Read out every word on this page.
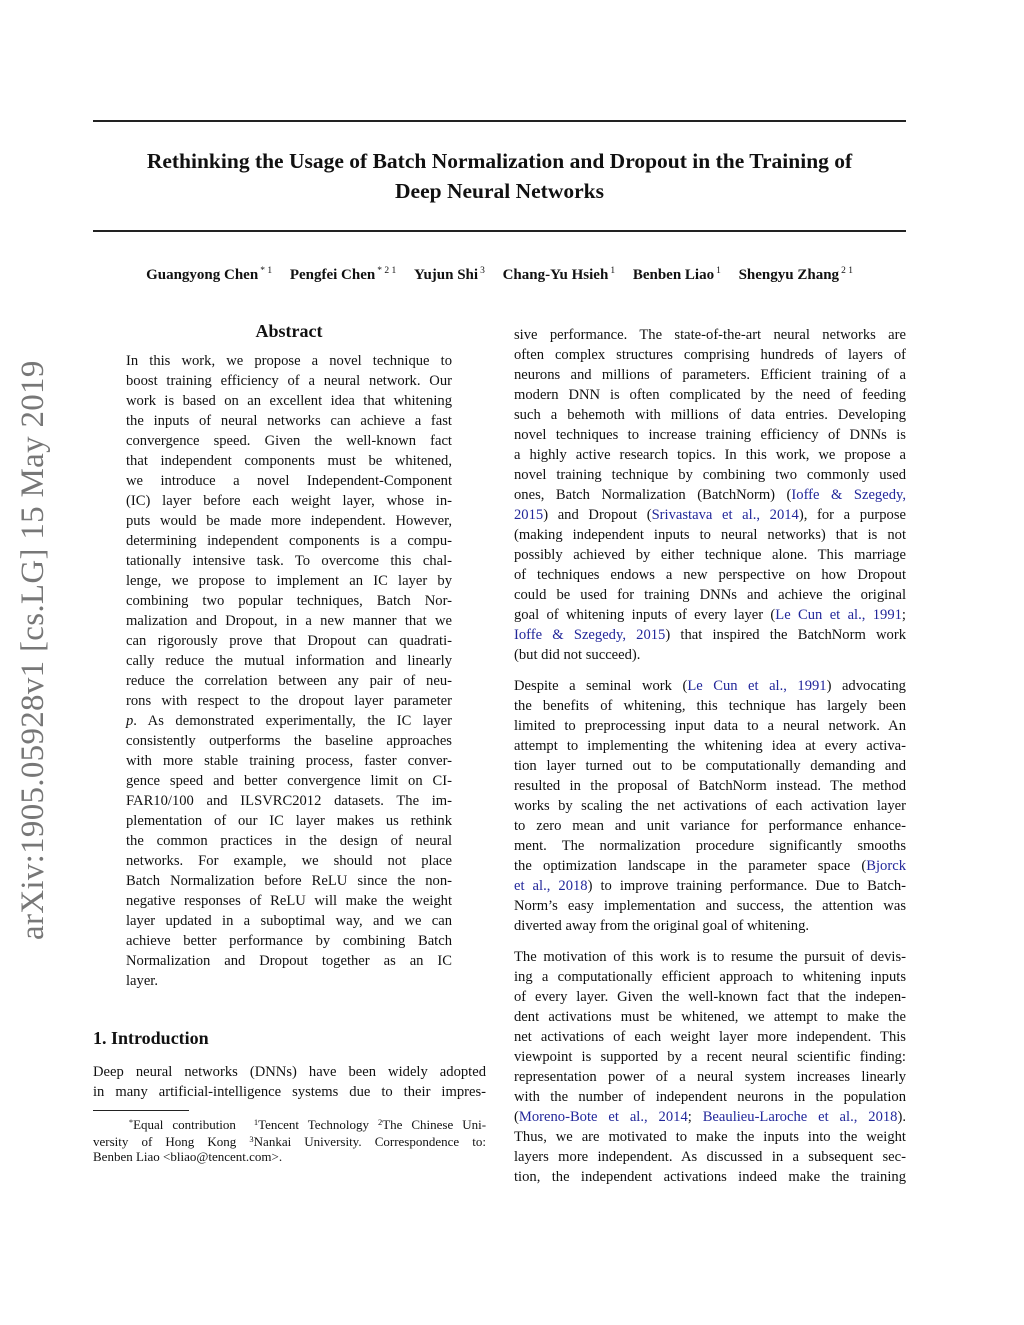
arXiv:1905.05928v1 [cs.LG] 15 May 2019
Rethinking the Usage of Batch Normalization and Dropout in the Training of
Deep Neural Networks
Guangyong Chen $^{* 1}$ Pengfei Chen $^{* 2 1}$ Yujun Shi $^3$ Chang-Yu Hsieh $^1$ Benben Liao $^1$ Shengyu Zhang $^{2 1}$
Abstract
In this work, we propose a novel technique to
boost training efficiency of a neural network. Our
work is based on an excellent idea that whitening
the inputs of neural networks can achieve a fast
convergence speed. Given the well-known fact
that independent components must be whitened,
we introduce a novel Independent-Component
(IC) layer before each weight layer, whose in-
puts would be made more independent. However,
determining independent components is a compu-
tationally intensive task. To overcome this chal-
lenge, we propose to implement an IC layer by
combining two popular techniques, Batch Nor-
malization and Dropout, in a new manner that we
can rigorously prove that Dropout can quadrati-
cally reduce the mutual information and linearly
reduce the correlation between any pair of neu-
rons with respect to the dropout layer parameter
p. As demonstrated experimentally, the IC layer
consistently outperforms the baseline approaches
with more stable training process, faster conver-
gence speed and better convergence limit on CI-
FAR10/100 and ILSVRC2012 datasets. The im-
plementation of our IC layer makes us rethink
the common practices in the design of neural
networks. For example, we should not place
Batch Normalization before ReLU since the non-
negative responses of ReLU will make the weight
layer updated in a suboptimal way, and we can
achieve better performance by combining Batch
Normalization and Dropout together as an IC
layer.
1. Introduction
Deep neural networks (DNNs) have been widely adopted
in many artificial-intelligence systems due to their impres-
*Equal contribution $^1$Tencent Technology $^2$The Chinese Uni-
versity of Hong Kong $^3$Nankai University. Correspondence to:
Benben Liao <bliao@tencent.com>.
sive performance. The state-of-the-art neural networks are
often complex structures comprising hundreds of layers of
neurons and millions of parameters. Efficient training of a
modern DNN is often complicated by the need of feeding
such a behemoth with millions of data entries. Developing
novel techniques to increase training efficiency of DNNs is
a highly active research topics. In this work, we propose a
novel training technique by combining two commonly used
ones, Batch Normalization (BatchNorm) (Ioffe & Szegedy,
2015) and Dropout (Srivastava et al., 2014), for a purpose
(making independent inputs to neural networks) that is not
possibly achieved by either technique alone. This marriage
of techniques endows a new perspective on how Dropout
could be used for training DNNs and achieve the original
goal of whitening inputs of every layer (Le Cun et al., 1991;
Ioffe & Szegedy, 2015) that inspired the BatchNorm work
(but did not succeed).
Despite a seminal work (Le Cun et al., 1991) advocating
the benefits of whitening, this technique has largely been
limited to preprocessing input data to a neural network. An
attempt to implementing the whitening idea at every activa-
tion layer turned out to be computationally demanding and
resulted in the proposal of BatchNorm instead. The method
works by scaling the net activations of each activation layer
to zero mean and unit variance for performance enhance-
ment. The normalization procedure significantly smooths
the optimization landscape in the parameter space (Bjorck
et al., 2018) to improve training performance. Due to Batch-
Norm’s easy implementation and success, the attention was
diverted away from the original goal of whitening.
The motivation of this work is to resume the pursuit of devis-
ing a computationally efficient approach to whitening inputs
of every layer. Given the well-known fact that the indepen-
dent activations must be whitened, we attempt to make the
net activations of each weight layer more independent. This
viewpoint is supported by a recent neural scientific finding:
representation power of a neural system increases linearly
with the number of independent neurons in the population
(Moreno-Bote et al., 2014; Beaulieu-Laroche et al., 2018).
Thus, we are motivated to make the inputs into the weight
layers more independent. As discussed in a subsequent sec-
tion, the independent activations indeed make the training
